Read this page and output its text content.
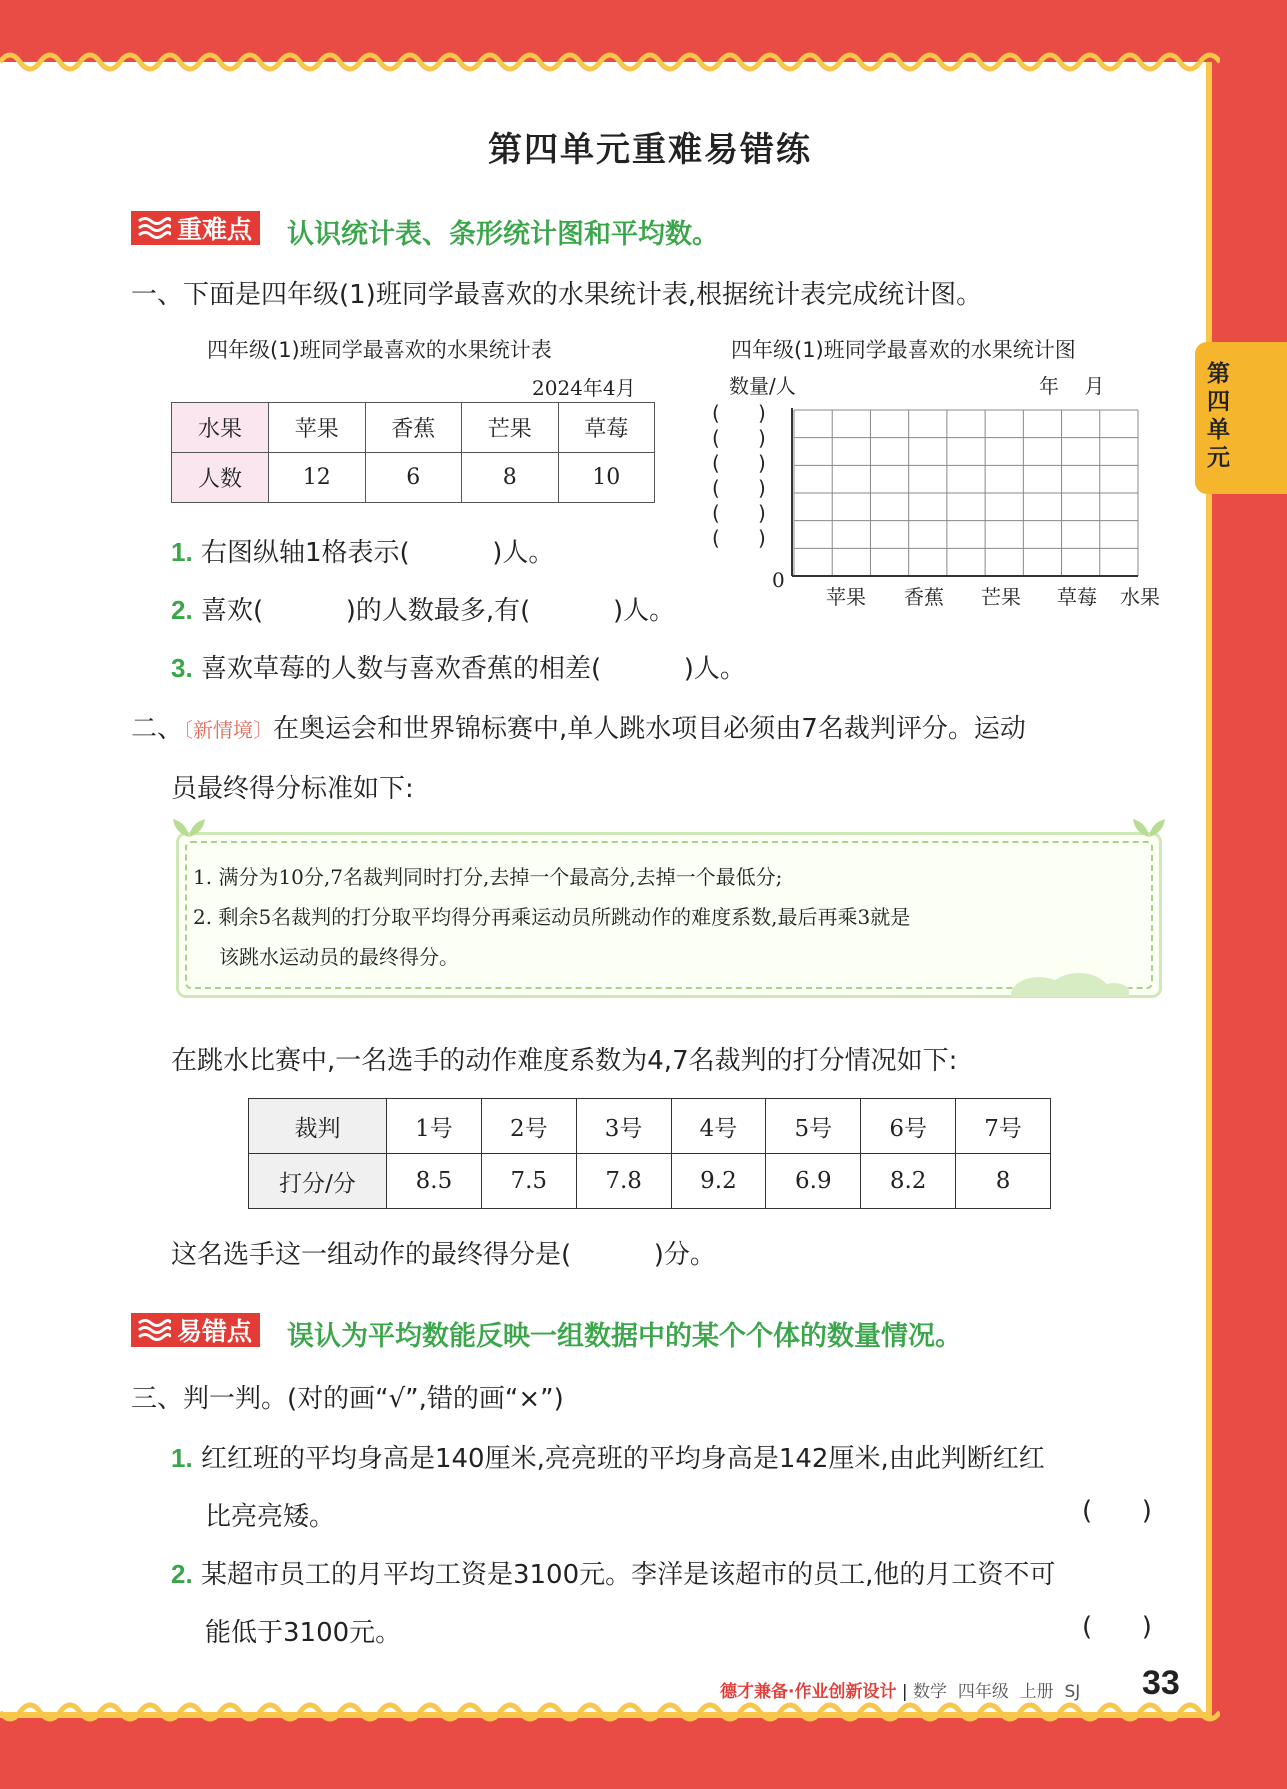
第四单元
第四单元重难易错练
重难点 认识统计表、条形统计图和平均数。
一、下面是四年级(1)班同学最喜欢的水果统计表,根据统计表完成统计图。
四年级(1)班同学最喜欢的水果统计表
2024年4月
水果	苹果	香蕉	芒果	草莓
人数	12	6	8	10
四年级(1)班同学最喜欢的水果统计图
数量/人	年    月
(      )
(      )
(      )
(      )
(      )
(      )
0
苹果 香蕉 芒果 草莓 水果
1. 右图纵轴1格表示(          )人。
2. 喜欢(          )的人数最多,有(          )人。
3. 喜欢草莓的人数与喜欢香蕉的相差(          )人。
二、〔新情境〕在奥运会和世界锦标赛中,单人跳水项目必须由7名裁判评分。运动
员最终得分标准如下:
1. 满分为10分,7名裁判同时打分,去掉一个最高分,去掉一个最低分;
2. 剩余5名裁判的打分取平均得分再乘运动员所跳动作的难度系数,最后再乘3就是
该跳水运动员的最终得分。
在跳水比赛中,一名选手的动作难度系数为4,7名裁判的打分情况如下:
裁判	1号	2号	3号	4号	5号	6号	7号
打分/分	8.5	7.5	7.8	9.2	6.9	8.2	8
这名选手这一组动作的最终得分是(          )分。
易错点 误认为平均数能反映一组数据中的某个个体的数量情况。
三、判一判。(对的画“√”,错的画“×”)
1. 红红班的平均身高是140厘米,亮亮班的平均身高是142厘米,由此判断红红
比亮亮矮。	(      )
2. 某超市员工的月平均工资是3100元。李洋是该超市的员工,他的月工资不可
能低于3100元。	(      )
德才兼备·作业创新设计 | 数学  四年级  上册  SJ 33
